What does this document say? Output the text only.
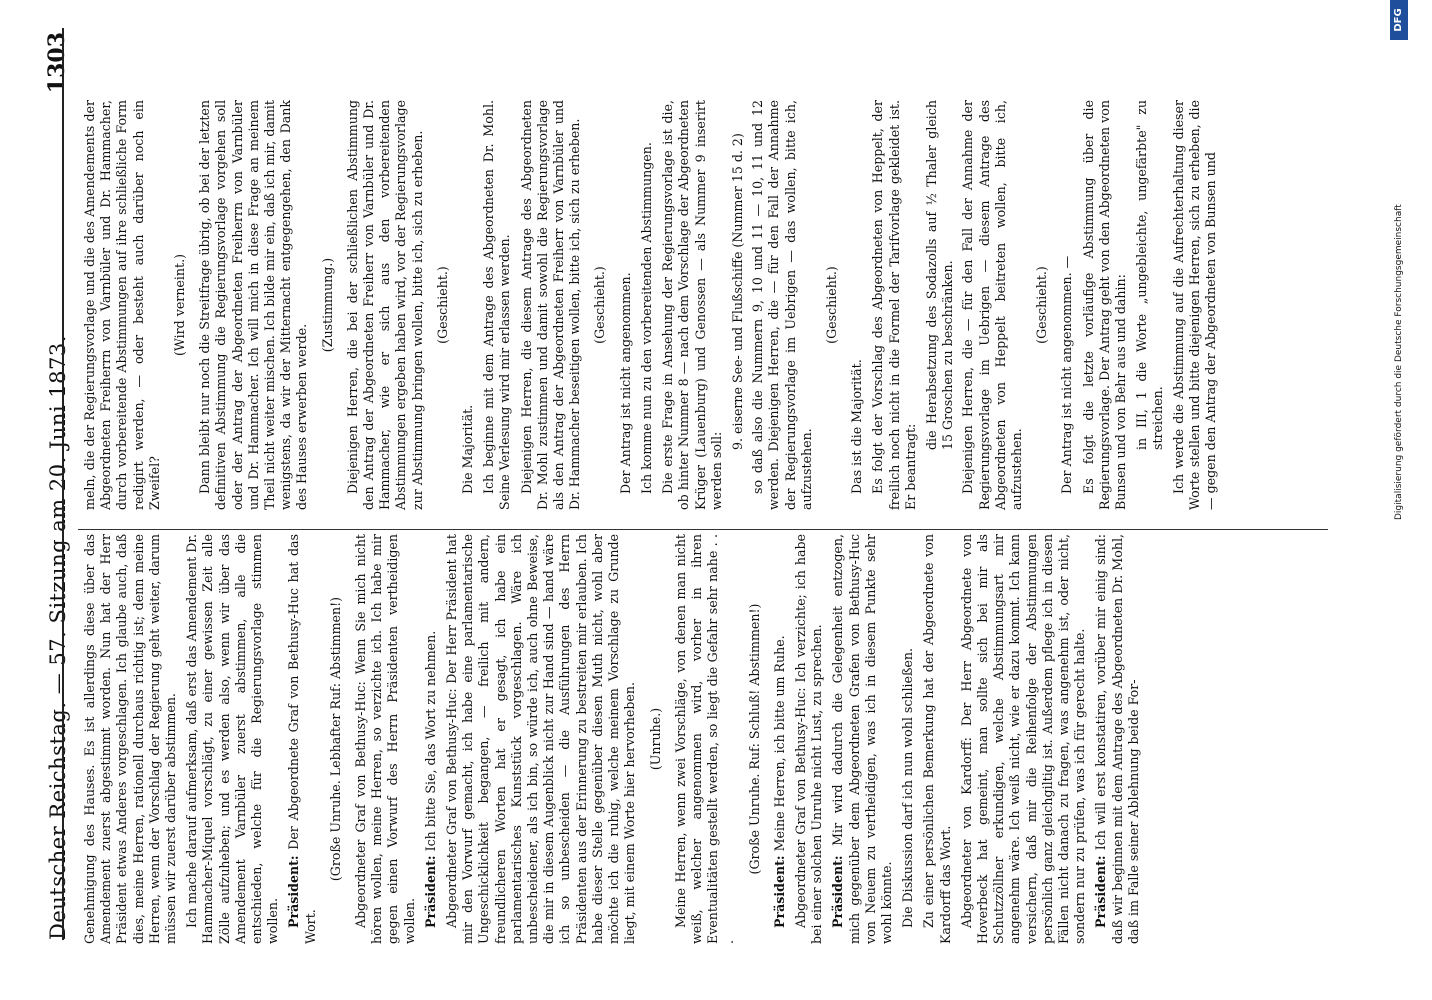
Deutscher Reichstag. — 57. Sitzung am 20. Juni 1873.
1303

Genehmigung des Hauses. Es ist allerdings diese über das Amendement zuerst abgestimmt worden. Nun hat der Herr Präsident etwas Anderes vorgeschlagen. Ich glaube auch, daß dies, meine Herren, rationell durchaus richtig ist; denn meine Herren, wenn der Vorschlag der Regierung geht weiter, darum müssen wir zuerst darüber abstimmen. Ich mache darauf aufmerksam, daß erst das Amendement Dr. Hammacher-Miquel vorschlägt, zu einer gewissen Zeit alle Zölle aufzuheben; und es werden also, wenn wir über das Amendement Varnbüler zuerst abstimmen, alle die entschieden, welche für die Regierungsvorlage stimmen wollen. Präsident: Der Abgeordnete Graf von Bethusy-Huc hat das Wort.

(Große Unruhe. Lebhafter Ruf: Abstimmen!) Abgeordneter Graf von Bethusy-Huc: Wenn Sie mich nicht hören wollen, meine Herren, so verzichte ich. Ich habe mir gegen einen Vorwurf des Herrn Präsidenten vertheidigen wollen. Präsident: Ich bitte Sie, das Wort zu nehmen. Abgeordneter Graf von Bethusy-Huc: Der Herr Präsident hat mir den Vorwurf gemacht, ich habe eine parlamentarische Ungeschicklichkeit begangen, — freilich mit andern, freundlicheren Worten hat er gesagt, ich habe ein parlamentarisches Kunststück vorgeschlagen. Wäre ich unbescheidener, als ich bin, so würde ich, auch ohne Beweise, die mir in diesem Augenblick nicht zur Hand sind — hand wäre ich so unbescheiden — die Ausführungen des Herrn Präsidenten aus der Erinnerung zu bestreiten mir erlauben. Ich habe dieser Stelle gegenüber diesen Muth nicht, wohl aber möchte ich die ruhig, welche meinem Vorschlage zu Grunde liegt, mit einem Worte hier hervorheben. (Unruhe.) Meine Herren, wenn zwei Vorschläge, von denen man nicht weiß, welcher angenommen wird, vorher in ihren Eventualitäten gestellt werden, so liegt die Gefahr sehr nahe . . .

(Große Unruhe. Ruf: Schluß! Abstimmen!)

Präsident: Meine Herren, ich bitte um Ruhe. Abgeordneter Graf von Bethusy-Huc: Ich verzichte; ich habe bei einer solchen Unruhe nicht Lust, zu sprechen. Präsident: Mir wird dadurch die Gelegenheit entzogen, mich gegenüber dem Abgeordneten Grafen von Bethusy-Huc von Neuem zu vertheidigen, was ich in diesem Punkte sehr wohl könnte. Die Diskussion darf ich nun wohl schließen. Zu einer persönlichen Bemerkung hat der Abgeordnete von Kardorff das Wort. Abgeordneter von Kardorff: Der Herr Abgeordnete von Hoverbeck hat gemeint, man sollte sich bei mir als Schutzzöllner erkundigen, welche Abstimmungsart mir angenehm wäre. Ich weiß nicht, wie er dazu kommt. Ich kann versichern, daß mir die Reihenfolge der Abstimmungen persönlich ganz gleichgiltig ist. Außerdem pflege ich in diesen Fällen nicht danach zu fragen, was angenehm ist, oder nicht, sondern nur zu prüfen, was ich für gerecht halte. Präsident: Ich will erst konstatiren, vorüber mir einig sind: daß wir beginnen mit dem Antrage des Abgeordneten Dr. Mohl, daß im Falle seiner Ablehnung beide For-

meln, die der Regierungsvorlage und die des Amendements der Abgeordneten Freiherrn von Varnbüler und Dr. Hammacher, durch vorbereitende Abstimmungen auf ihre schließliche Form redigirt werden, — oder besteht auch darüber noch ein Zweifel?

(Wird verneint.) Dann bleibt nur noch die Streitfrage übrig, ob bei der letzten definitiven Abstimmung die Regierungsvorlage vorgehen soll oder der Antrag der Abgeordneten Freiherrn von Varnbüler und Dr. Hammacher. Ich will mich in diese Frage an meinem Theil nicht weiter mischen. Ich bilde mir ein, daß ich mir, damit wenigstens, da wir der Mitternacht entgegengehen, den Dank des Hauses erwerben werde.

(Zustimmung.) Diejenigen Herren, die bei der schließlichen Abstimmung den Antrag der Abgeordneten Freiherr von Varnbüler und Dr. Hammacher, wie er sich aus den vorbereitenden Abstimmungen ergeben haben wird, vor der Regierungsvorlage zur Abstimmung bringen wollen, bitte ich, sich zu erheben. (Geschieht.)

Die Majorität. Ich beginne mit dem Antrage des Abgeordneten Dr. Mohl. Seine Verlesung wird mir erlassen werden. Diejenigen Herren, die diesem Antrage des Abgeordneten Dr. Mohl zustimmen und damit sowohl die Regierungsvorlage als den Antrag der Abgeordneten Freiherr von Varnbüler und Dr. Hammacher beseitigen wollen, bitte ich, sich zu erheben. (Geschieht.) Der Antrag ist nicht angenommen. Ich komme nun zu den vorbereitenden Abstimmungen. Die erste Frage in Ansehung der Regierungsvorlage ist die, ob hinter Nummer 8 — nach dem Vorschlage der Abgeordneten Krüger (Lauenburg) und Genossen — als Nummer 9 inserirt werden soll:

9. eiserne See- und Flußschiffe (Nummer 15 d. 2) so daß also die Nummern 9, 10 und 11 — 10, 11 und 12 werden. Diejenigen Herren, die — für den Fall der Annahme der Regierungsvorlage im Uebrigen — das wollen, bitte ich, aufzustehen.

(Geschieht.)

Das ist die Majorität. Es folgt der Vorschlag des Abgeordneten von Heppelt, der freilich noch nicht in die Formel der Tarifvorlage gekleidet ist. Er beantragt:

die Herabsetzung des Sodazolls auf ½ Thaler gleich 15 Groschen zu beschränken. Diejenigen Herren, die — für den Fall der Annahme der Regierungsvorlage im Uebrigen — diesem Antrage des Abgeordneten von Heppelt beitreten wollen, bitte ich, aufzustehen.

(Geschieht.) Der Antrag ist nicht angenommen. — Es folgt die letzte vorläufige Abstimmung über die Regierungsvorlage. Der Antrag geht von den Abgeordneten von Bunsen und von Behr aus und dahin: in III, 1 die Worte „ungebleichte, ungefärbte" zu streichen. Ich werde die Abstimmung auf die Aufrechterhaltung dieser Worte stellen und bitte diejenigen Herren, sich zu erheben, die — gegen den Antrag der Abgeordneten von Bunsen und	Digitalisierung gefördert durch die Deutsche Forschungsgemeinschaft
DFG
